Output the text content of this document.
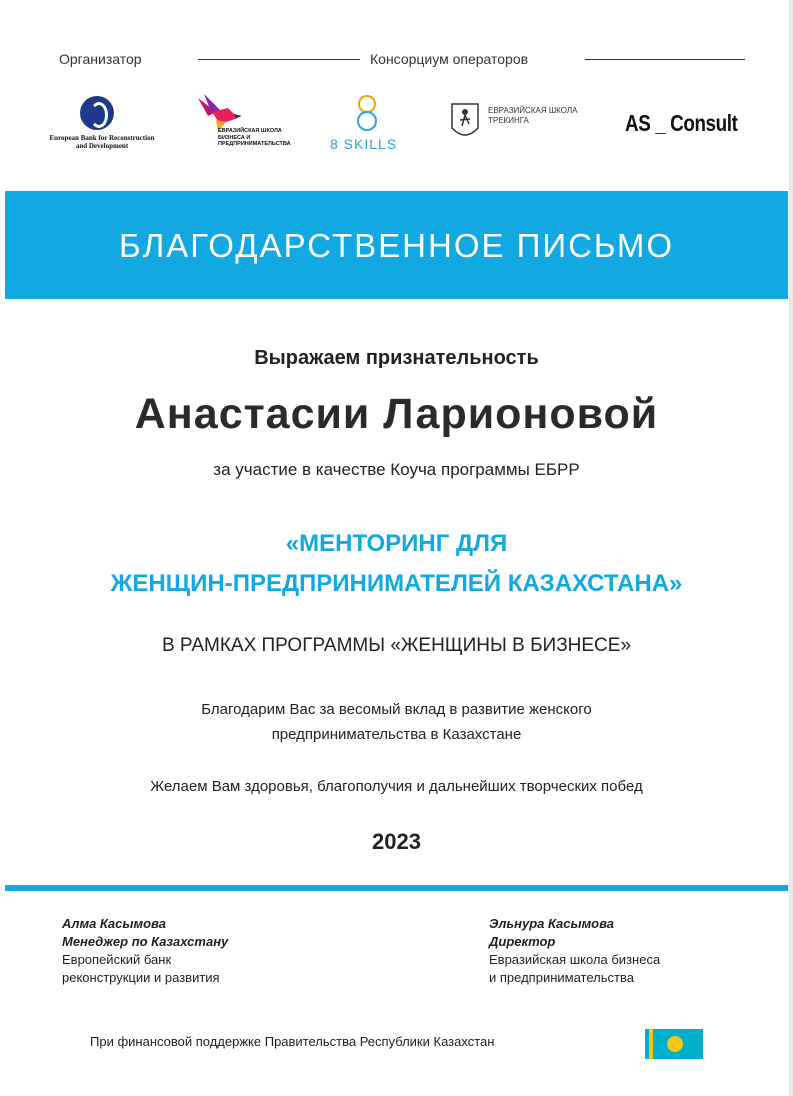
Организатор	Консорциум операторов
European Bank for Reconstruction and Development
ЕВРАЗИЙСКАЯ ШКОЛА БИЗНЕСА И ПРЕДПРИНИМАТЕЛЬСТВА	8 SKILLS
ЕВРАЗИЙСКАЯ ШКОЛА ТРЕКИНГА	AS _ Consult
БЛАГОДАРСТВЕННОЕ ПИСЬМО
Выражаем признательность
Анастасии Ларионовой
за участие в качестве Коуча программы ЕБРР
«МЕНТОРИНГ ДЛЯ
ЖЕНЩИН-ПРЕДПРИНИМАТЕЛЕЙ КАЗАХСТАНА»
В РАМКАХ ПРОГРАММЫ «ЖЕНЩИНЫ В БИЗНЕСЕ»
Благодарим Вас за весомый вклад в развитие женского
предпринимательства в Казахстане
Желаем Вам здоровья, благополучия и дальнейших творческих побед
2023
Алма Касымова
Менеджер по Казахстану
Европейский банк
реконструкции и развития
Эльнура Касымова
Директор
Евразийская школа бизнеса
и предпринимательства
При финансовой поддержке Правительства Республики Казахстан
